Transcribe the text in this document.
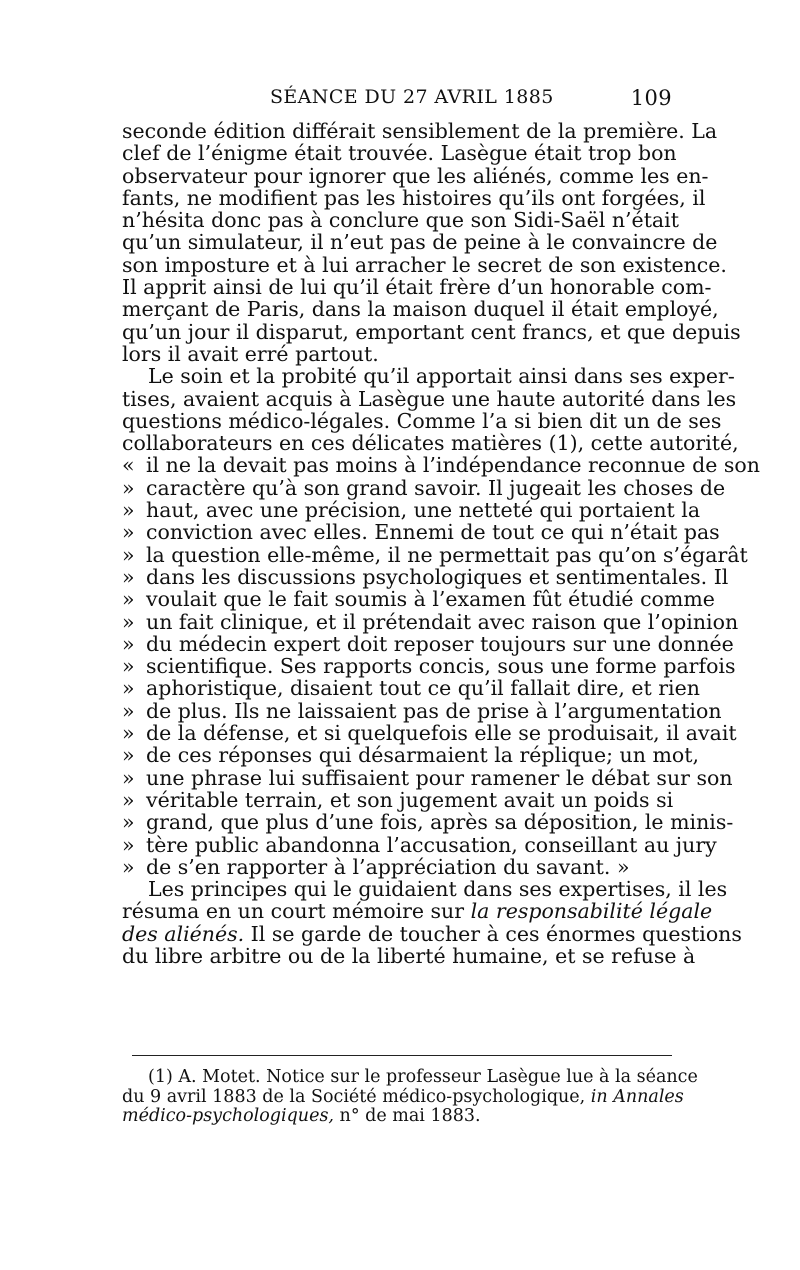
SÉANCE DU 27 AVRIL 1885	109
seconde édition différait sensiblement de la première. La
clef de l’énigme était trouvée. Lasègue était trop bon
observateur pour ignorer que les aliénés, comme les en-
fants, ne modifient pas les histoires qu’ils ont forgées, il
n’hésita donc pas à conclure que son Sidi-Saël n’était
qu’un simulateur, il n’eut pas de peine à le convaincre de
son imposture et à lui arracher le secret de son existence.
Il apprit ainsi de lui qu’il était frère d’un honorable com-
merçant de Paris, dans la maison duquel il était employé,
qu’un jour il disparut, emportant cent francs, et que depuis
lors il avait erré partout.
Le soin et la probité qu’il apportait ainsi dans ses exper-
tises, avaient acquis à Lasègue une haute autorité dans les
questions médico-légales. Comme l’a si bien dit un de ses
collaborateurs en ces délicates matières (1), cette autorité,
« il ne la devait pas moins à l’indépendance reconnue de son
» caractère qu’à son grand savoir. Il jugeait les choses de
» haut, avec une précision, une netteté qui portaient la
» conviction avec elles. Ennemi de tout ce qui n’était pas
» la question elle-même, il ne permettait pas qu’on s’égarât
» dans les discussions psychologiques et sentimentales. Il
» voulait que le fait soumis à l’examen fût étudié comme
» un fait clinique, et il prétendait avec raison que l’opinion
» du médecin expert doit reposer toujours sur une donnée
» scientifique. Ses rapports concis, sous une forme parfois
» aphoristique, disaient tout ce qu’il fallait dire, et rien
» de plus. Ils ne laissaient pas de prise à l’argumentation
» de la défense, et si quelquefois elle se produisait, il avait
» de ces réponses qui désarmaient la réplique; un mot,
» une phrase lui suffisaient pour ramener le débat sur son
» véritable terrain, et son jugement avait un poids si
» grand, que plus d’une fois, après sa déposition, le minis-
» tère public abandonna l’accusation, conseillant au jury
» de s’en rapporter à l’appréciation du savant. »
Les principes qui le guidaient dans ses expertises, il les
résuma en un court mémoire sur la responsabilité légale
des aliénés. Il se garde de toucher à ces énormes questions
du libre arbitre ou de la liberté humaine, et se refuse à
(1) A. Motet. Notice sur le professeur Lasègue lue à la séance
du 9 avril 1883 de la Société médico-psychologique, in Annales
médico-psychologiques, n° de mai 1883.
